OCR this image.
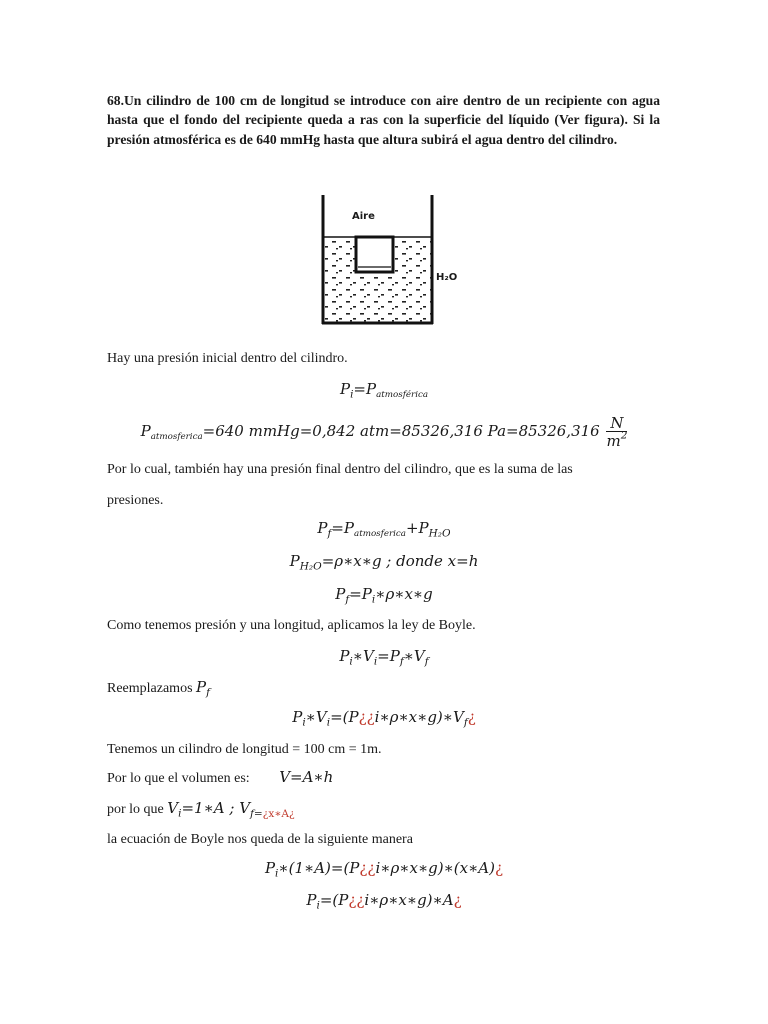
68.Un cilindro de 100 cm de longitud se introduce con aire dentro de un recipiente con agua hasta que el fondo del recipiente queda a ras con la superficie del líquido (Ver figura). Si la presión atmosférica es de 640 mmHg hasta que altura subirá el agua dentro del cilindro.
Aire
H₂O
Hay una presión inicial dentro del cilindro.
$P_i=P_{atmosférica}$
$P_{atmosferica}=640$ mmHg=0,842 atm=85326,316 $Pa=85326,316 \frac{N}{m^2}$
Por lo cual, también hay una presión final dentro del cilindro, que es la suma de las
presiones.
$P_f=P_{atmosferica}+P_{H_2O}$
$P_{H_2O}=\rho∗x∗g$ ; donde x=h
$P_f=P_i∗\rho∗x∗g$
Como tenemos presión y una longitud, aplicamos la ley de Boyle.
$P_i∗V_i=P_f∗V_f$
Reemplazamos $P_f$
$P_i∗V_i=(P¿¿i∗\rho∗x∗g)∗V_f¿$
Tenemos un cilindro de longitud = 100 cm = 1m.
Por lo que el volumen es: V=A∗h
por lo que $V_i=1∗A$ ; $V_{f=¿x∗A¿}$
la ecuación de Boyle nos queda de la siguiente manera
$P_i∗(1∗A)=(P¿¿i∗\rho∗x∗g)∗(x∗A)¿$
$P_i=(P¿¿i∗\rho∗x∗g)∗A¿$
